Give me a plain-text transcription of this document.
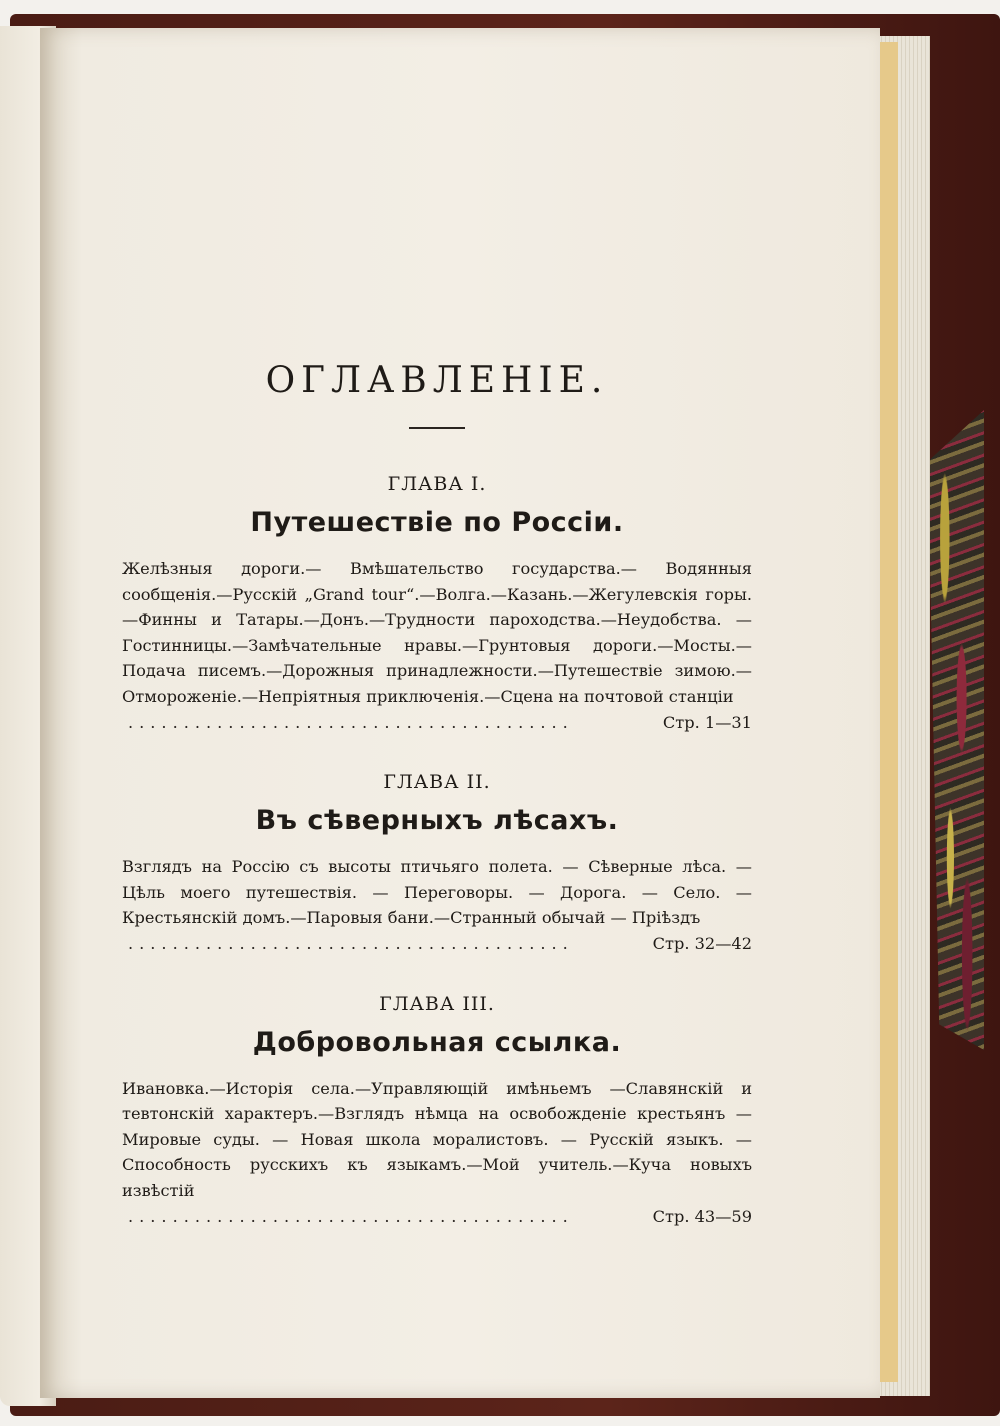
ОГЛАВЛЕНІЕ.
ГЛАВА I.
Путешествіе по Россіи.
Желѣзныя дороги.— Вмѣшательство государства.— Водянныя сообщенія.—Русскій „Grand tour“.—Волга.—Казань.—Жегулевскія горы.—Финны и Татары.—Донъ.—Трудности пароходства.—Неудобства. — Гостинницы.—Замѣчательные нравы.—Грунтовыя дороги.—Мосты.—Подача писемъ.—Дорожныя принадлежности.—Путешествіе зимою.—Отмороженіе.—Непріятныя приключенія.—Сцена на почтовой станціи
........................................	Стр. 1—31
ГЛАВА II.
Въ сѣверныхъ лѣсахъ.
Взглядъ на Россію съ высоты птичьяго полета. — Сѣверные лѣса. — Цѣль моего путешествія. — Переговоры. — Дорога. — Село. —Крестьянскій домъ.—Паровыя бани.—Странный обычай — Пріѣздъ
........................................	Стр. 32—42
ГЛАВА III.
Добровольная ссылка.
Ивановка.—Исторія села.—Управляющій имѣньемъ —Славянскій и тевтонскій характеръ.—Взглядъ нѣмца на освобожденіе крестьянъ — Мировые суды. — Новая школа моралистовъ. — Русскій языкъ. — Способность русскихъ къ языкамъ.—Мой учитель.—Куча новыхъ извѣстій
........................................	Стр. 43—59
